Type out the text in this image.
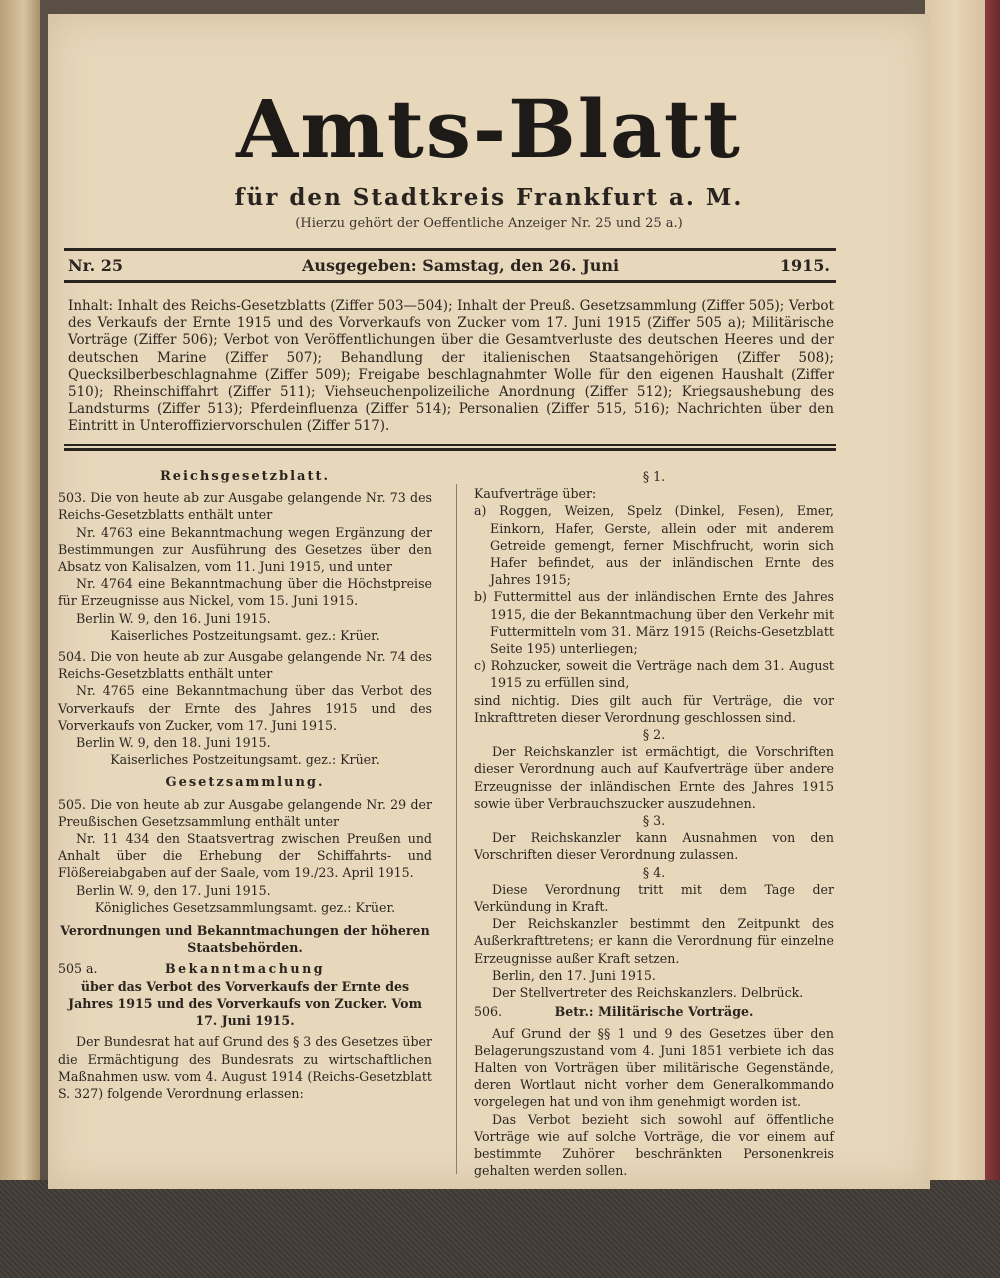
Amts-Blatt
für den Stadtkreis Frankfurt a. M.
(Hierzu gehört der Oeffentliche Anzeiger Nr. 25 und 25 a.)
Nr. 25	Ausgegeben: Samstag, den 26. Juni	1915.
Inhalt: Inhalt des Reichs-Gesetzblatts (Ziffer 503—504); Inhalt der Preuß. Gesetzsammlung (Ziffer 505); Verbot des Verkaufs der Ernte 1915 und des Vorverkaufs von Zucker vom 17. Juni 1915 (Ziffer 505 a); Militärische Vorträge (Ziffer 506); Verbot von Veröffentlichungen über die Gesamtverluste des deutschen Heeres und der deutschen Marine (Ziffer 507); Behandlung der italienischen Staatsangehörigen (Ziffer 508); Quecksilberbeschlagnahme (Ziffer 509); Freigabe beschlagnahmter Wolle für den eigenen Haushalt (Ziffer 510); Rheinschiffahrt (Ziffer 511); Viehseuchenpolizeiliche Anordnung (Ziffer 512); Kriegsaushebung des Landsturms (Ziffer 513); Pferdeinfluenza (Ziffer 514); Personalien (Ziffer 515, 516); Nachrichten über den Eintritt in Unteroffiziervorschulen (Ziffer 517).

Reichsgesetzblatt.

503. Die von heute ab zur Ausgabe gelangende Nr. 73 des Reichs-Gesetzblatts enthält unter

Nr. 4763 eine Bekanntmachung wegen Ergänzung der Bestimmungen zur Ausführung des Gesetzes über den Absatz von Kalisalzen, vom 11. Juni 1915, und unter

Nr. 4764 eine Bekanntmachung über die Höchstpreise für Erzeugnisse aus Nickel, vom 15. Juni 1915.

Berlin W. 9, den 16. Juni 1915.

Kaiserliches Postzeitungsamt. gez.: Krüer.

504. Die von heute ab zur Ausgabe gelangende Nr. 74 des Reichs-Gesetzblatts enthält unter

Nr. 4765 eine Bekanntmachung über das Verbot des Vorverkaufs der Ernte des Jahres 1915 und des Vorverkaufs von Zucker, vom 17. Juni 1915.

Berlin W. 9, den 18. Juni 1915.

Kaiserliches Postzeitungsamt. gez.: Krüer.

Gesetzsammlung.

505. Die von heute ab zur Ausgabe gelangende Nr. 29 der Preußischen Gesetzsammlung enthält unter

Nr. 11 434 den Staatsvertrag zwischen Preußen und Anhalt über die Erhebung der Schiffahrts- und Flößereiabgaben auf der Saale, vom 19./23. April 1915.

Berlin W. 9, den 17. Juni 1915.

Königliches Gesetzsammlungsamt. gez.: Krüer.

Verordnungen und Bekanntmachungen der höheren Staatsbehörden.

505 a.	Bekanntmachung

über das Verbot des Vorverkaufs der Ernte des Jahres 1915 und des Vorverkaufs von Zucker. Vom 17. Juni 1915.

Der Bundesrat hat auf Grund des § 3 des Gesetzes über die Ermächtigung des Bundesrats zu wirtschaftlichen Maßnahmen usw. vom 4. August 1914 (Reichs-Gesetzblatt S. 327) folgende Verordnung erlassen:

§ 1.

Kaufverträge über:

a) Roggen, Weizen, Spelz (Dinkel, Fesen), Emer, Einkorn, Hafer, Gerste, allein oder mit anderem Getreide gemengt, ferner Mischfrucht, worin sich Hafer befindet, aus der inländischen Ernte des Jahres 1915;

b) Futtermittel aus der inländischen Ernte des Jahres 1915, die der Bekanntmachung über den Verkehr mit Futtermitteln vom 31. März 1915 (Reichs-Gesetzblatt Seite 195) unterliegen;

c) Rohzucker, soweit die Verträge nach dem 31. August 1915 zu erfüllen sind,

sind nichtig. Dies gilt auch für Verträge, die vor Inkrafttreten dieser Verordnung geschlossen sind.

§ 2.

Der Reichskanzler ist ermächtigt, die Vorschriften dieser Verordnung auch auf Kaufverträge über andere Erzeugnisse der inländischen Ernte des Jahres 1915 sowie über Verbrauchszucker auszudehnen.

§ 3.

Der Reichskanzler kann Ausnahmen von den Vorschriften dieser Verordnung zulassen.

§ 4.

Diese Verordnung tritt mit dem Tage der Verkündung in Kraft.

Der Reichskanzler bestimmt den Zeitpunkt des Außerkrafttretens; er kann die Verordnung für einzelne Erzeugnisse außer Kraft setzen.

Berlin, den 17. Juni 1915.

Der Stellvertreter des Reichskanzlers. Delbrück.

506.	Betr.: Militärische Vorträge.

Auf Grund der §§ 1 und 9 des Gesetzes über den Belagerungszustand vom 4. Juni 1851 verbiete ich das Halten von Vorträgen über militärische Gegenstände, deren Wortlaut nicht vorher dem Generalkommando vorgelegen hat und von ihm genehmigt worden ist.

Das Verbot bezieht sich sowohl auf öffentliche Vorträge wie auf solche Vorträge, die vor einem auf bestimmte Zuhörer beschränkten Personenkreis gehalten werden sollen.
